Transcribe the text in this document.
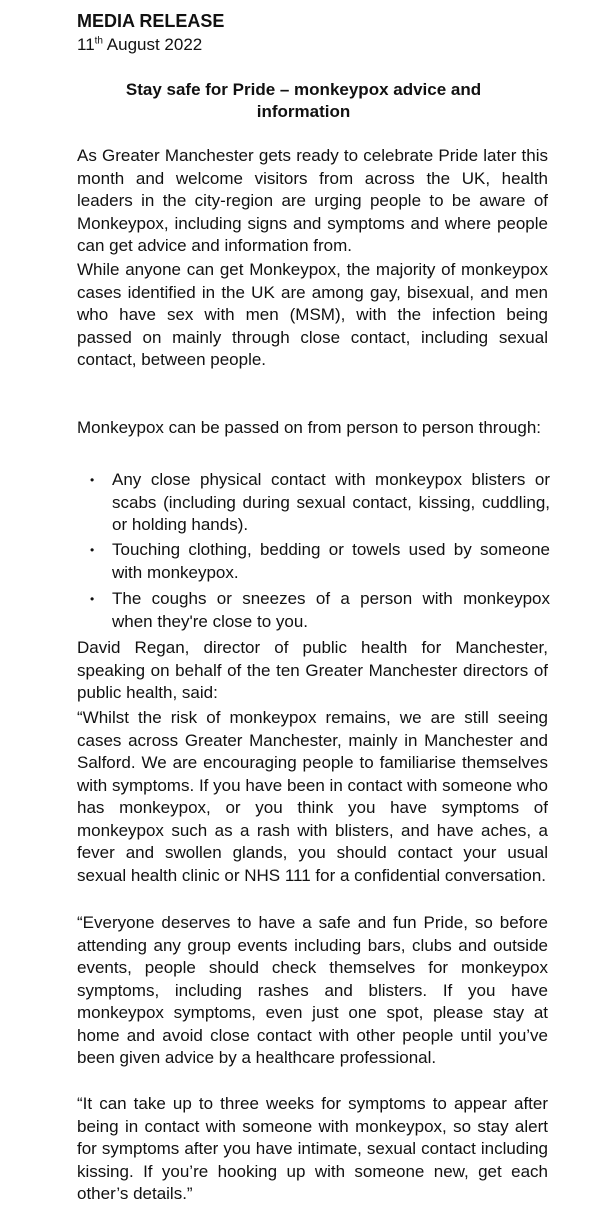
MEDIA RELEASE
11th August 2022
Stay safe for Pride – monkeypox advice and information

As Greater Manchester gets ready to celebrate Pride later this month and welcome visitors from across the UK, health leaders in the city-region are urging people to be aware of Monkeypox, including signs and symptoms and where people can get advice and information from.

While anyone can get Monkeypox, the majority of monkeypox cases identified in the UK are among gay, bisexual, and men who have sex with men (MSM), with the infection being passed on mainly through close contact, including sexual contact, between people.

Monkeypox can be passed on from person to person through:

• Any close physical contact with monkeypox blisters or scabs (including during sexual contact, kissing, cuddling, or holding hands).
• Touching clothing, bedding or towels used by someone with monkeypox.
• The coughs or sneezes of a person with monkeypox when they're close to you.

David Regan, director of public health for Manchester, speaking on behalf of the ten Greater Manchester directors of public health, said:

“Whilst the risk of monkeypox remains, we are still seeing cases across Greater Manchester, mainly in Manchester and Salford. We are encouraging people to familiarise themselves with symptoms. If you have been in contact with someone who has monkeypox, or you think you have symptoms of monkeypox such as a rash with blisters, and have aches, a fever and swollen glands, you should contact your usual sexual health clinic or NHS 111 for a confidential conversation.

“Everyone deserves to have a safe and fun Pride, so before attending any group events including bars, clubs and outside events, people should check themselves for monkeypox symptoms, including rashes and blisters. If you have monkeypox symptoms, even just one spot, please stay at home and avoid close contact with other people until you’ve been given advice by a healthcare professional.

“It can take up to three weeks for symptoms to appear after being in contact with someone with monkeypox, so stay alert for symptoms after you have intimate, sexual contact including kissing. If you’re hooking up with someone new, get each other’s details.”
